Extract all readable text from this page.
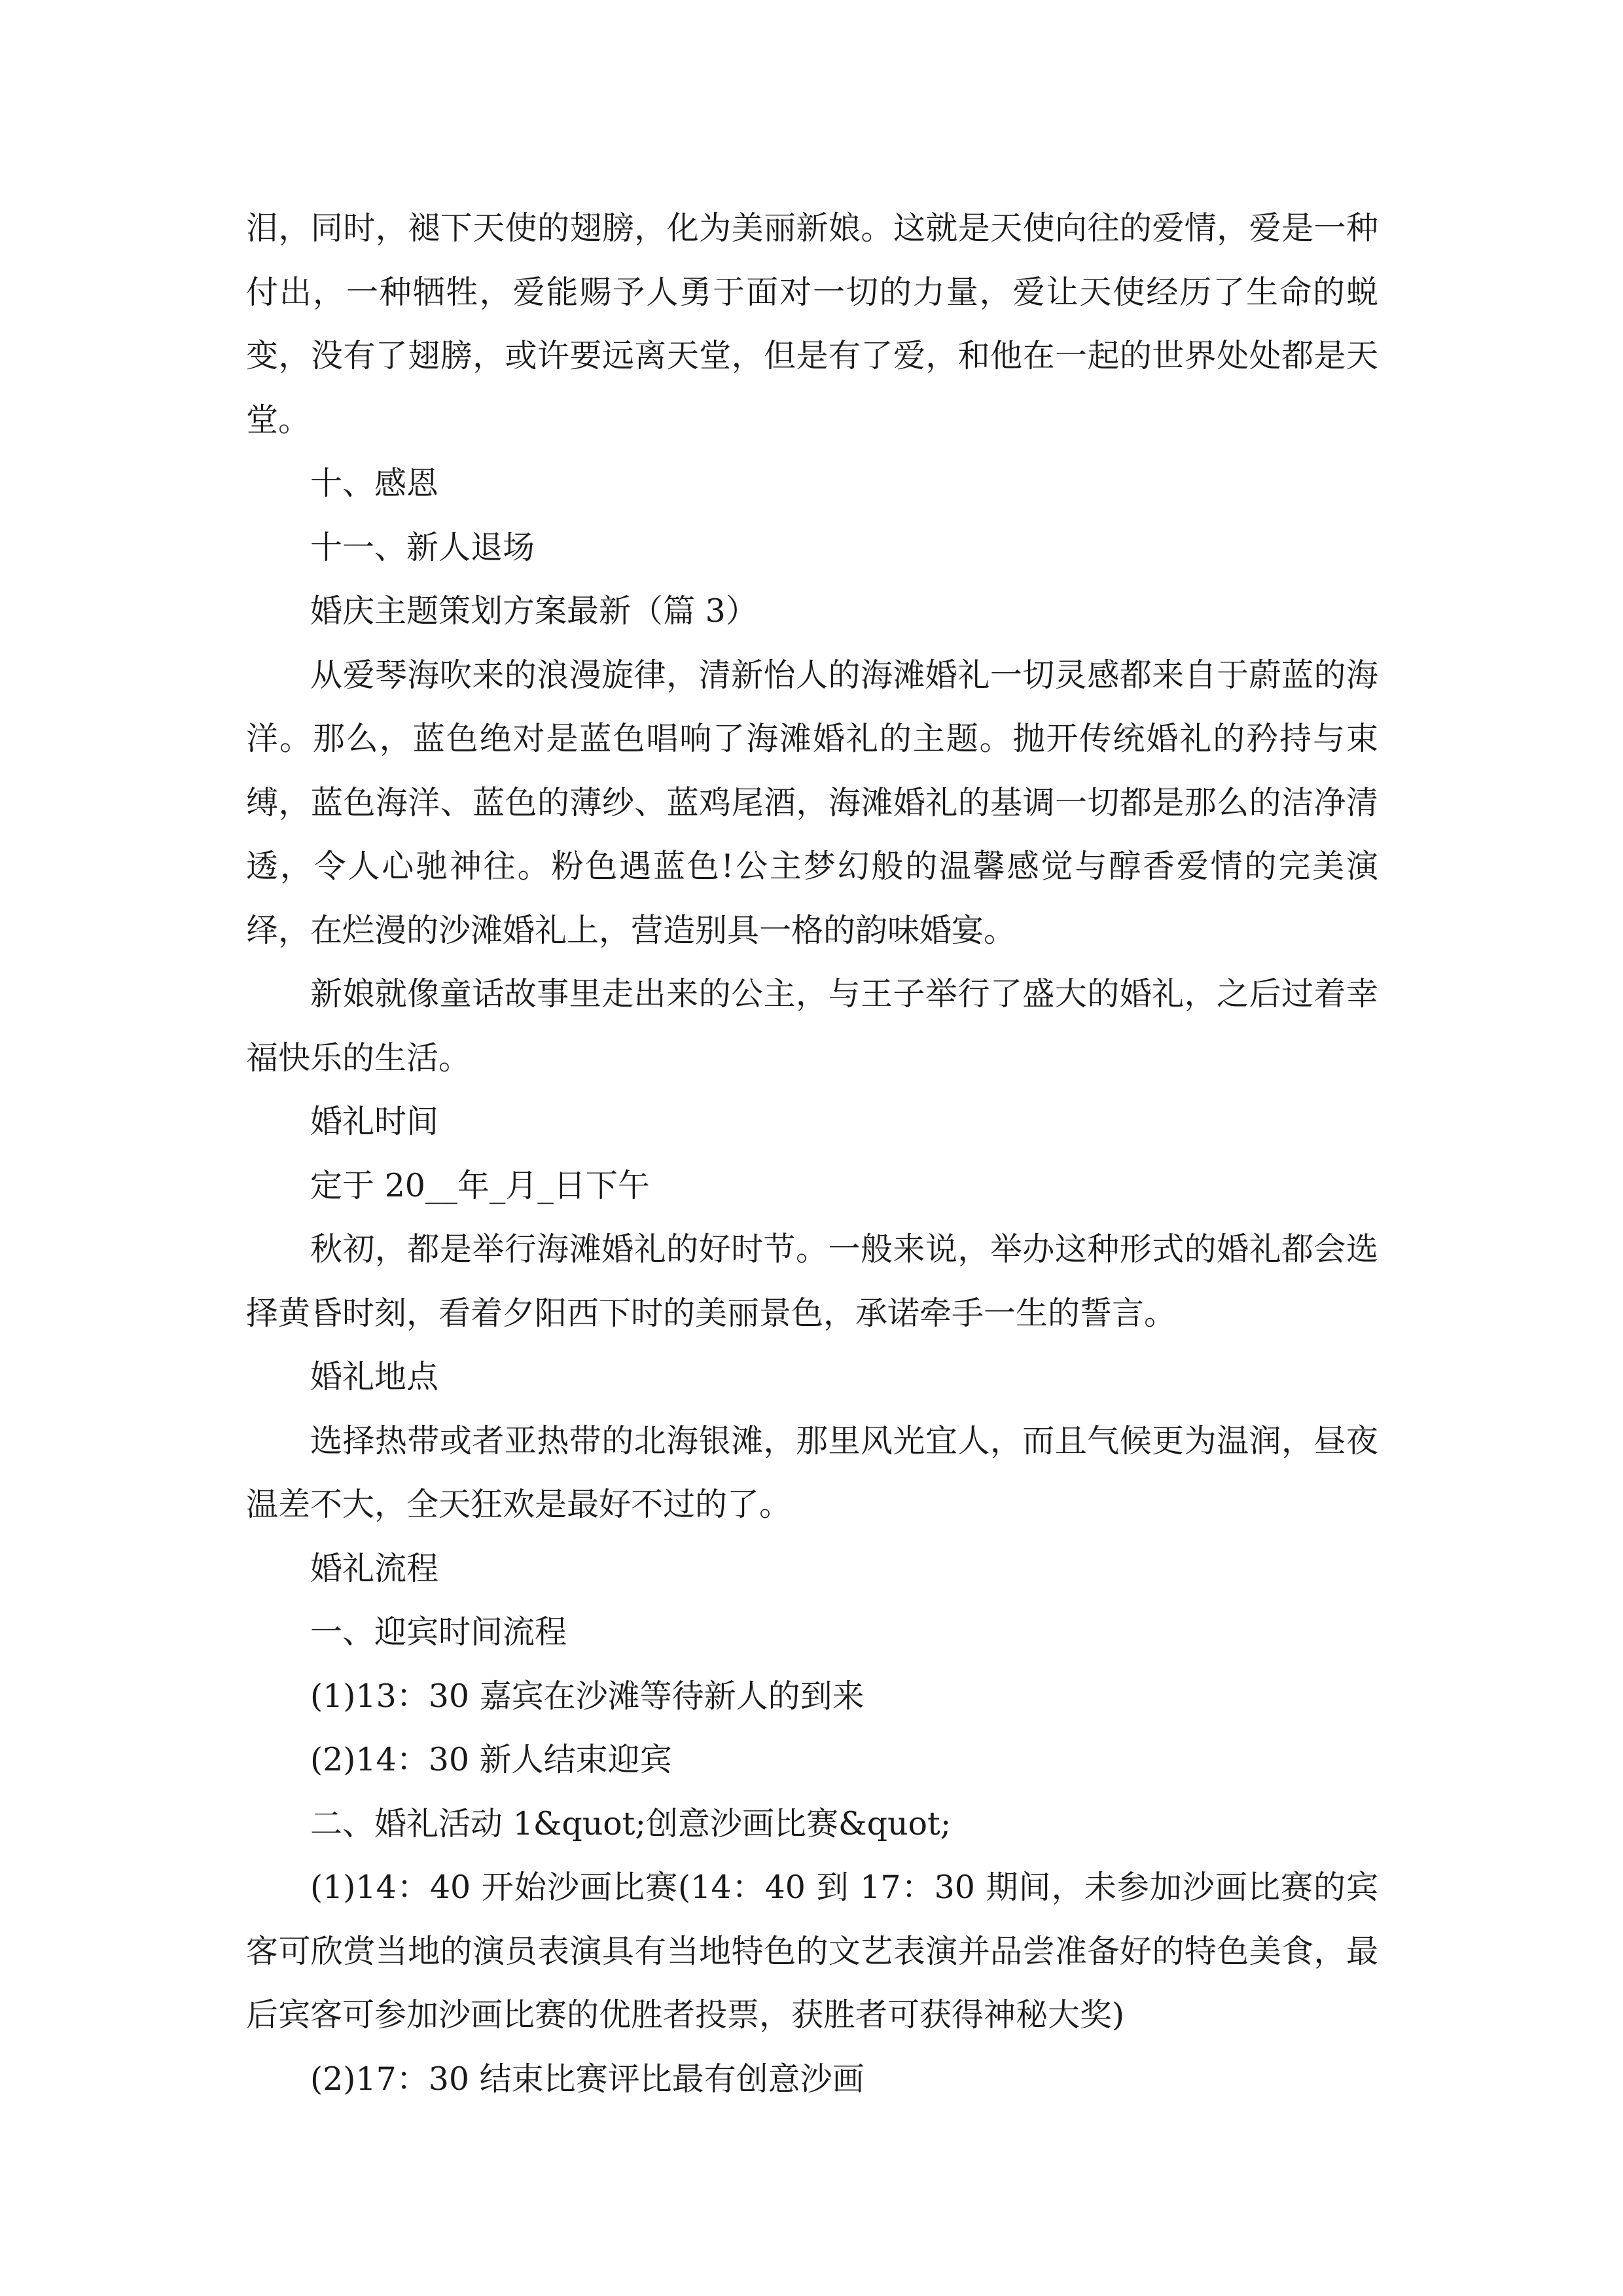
泪，同时，褪下天使的翅膀，化为美丽新娘。这就是天使向往的爱情，爱是一种付出，一种牺牲，爱能赐予人勇于面对一切的力量，爱让天使经历了生命的蜕变，没有了翅膀，或许要远离天堂，但是有了爱，和他在一起的世界处处都是天堂。

十、感恩

十一、新人退场

婚庆主题策划方案最新（篇 3）

从爱琴海吹来的浪漫旋律，清新怡人的海滩婚礼一切灵感都来自于蔚蓝的海洋。那么，蓝色绝对是蓝色唱响了海滩婚礼的主题。抛开传统婚礼的矜持与束缚，蓝色海洋、蓝色的薄纱、蓝鸡尾酒，海滩婚礼的基调一切都是那么的洁净清透，令人心驰神往。粉色遇蓝色!公主梦幻般的温馨感觉与醇香爱情的完美演绎，在烂漫的沙滩婚礼上，营造别具一格的韵味婚宴。

新娘就像童话故事里走出来的公主，与王子举行了盛大的婚礼，之后过着幸福快乐的生活。

婚礼时间

定于 20__年_月_日下午

秋初，都是举行海滩婚礼的好时节。一般来说，举办这种形式的婚礼都会选择黄昏时刻，看着夕阳西下时的美丽景色，承诺牵手一生的誓言。

婚礼地点

选择热带或者亚热带的北海银滩，那里风光宜人，而且气候更为温润，昼夜温差不大，全天狂欢是最好不过的了。

婚礼流程

一、迎宾时间流程

(1)13：30 嘉宾在沙滩等待新人的到来

(2)14：30 新人结束迎宾

二、婚礼活动 1&quot;创意沙画比赛&quot;

(1)14：40 开始沙画比赛(14：40 到 17：30 期间，未参加沙画比赛的宾客可欣赏当地的演员表演具有当地特色的文艺表演并品尝准备好的特色美食，最后宾客可参加沙画比赛的优胜者投票，获胜者可获得神秘大奖)

(2)17：30 结束比赛评比最有创意沙画
